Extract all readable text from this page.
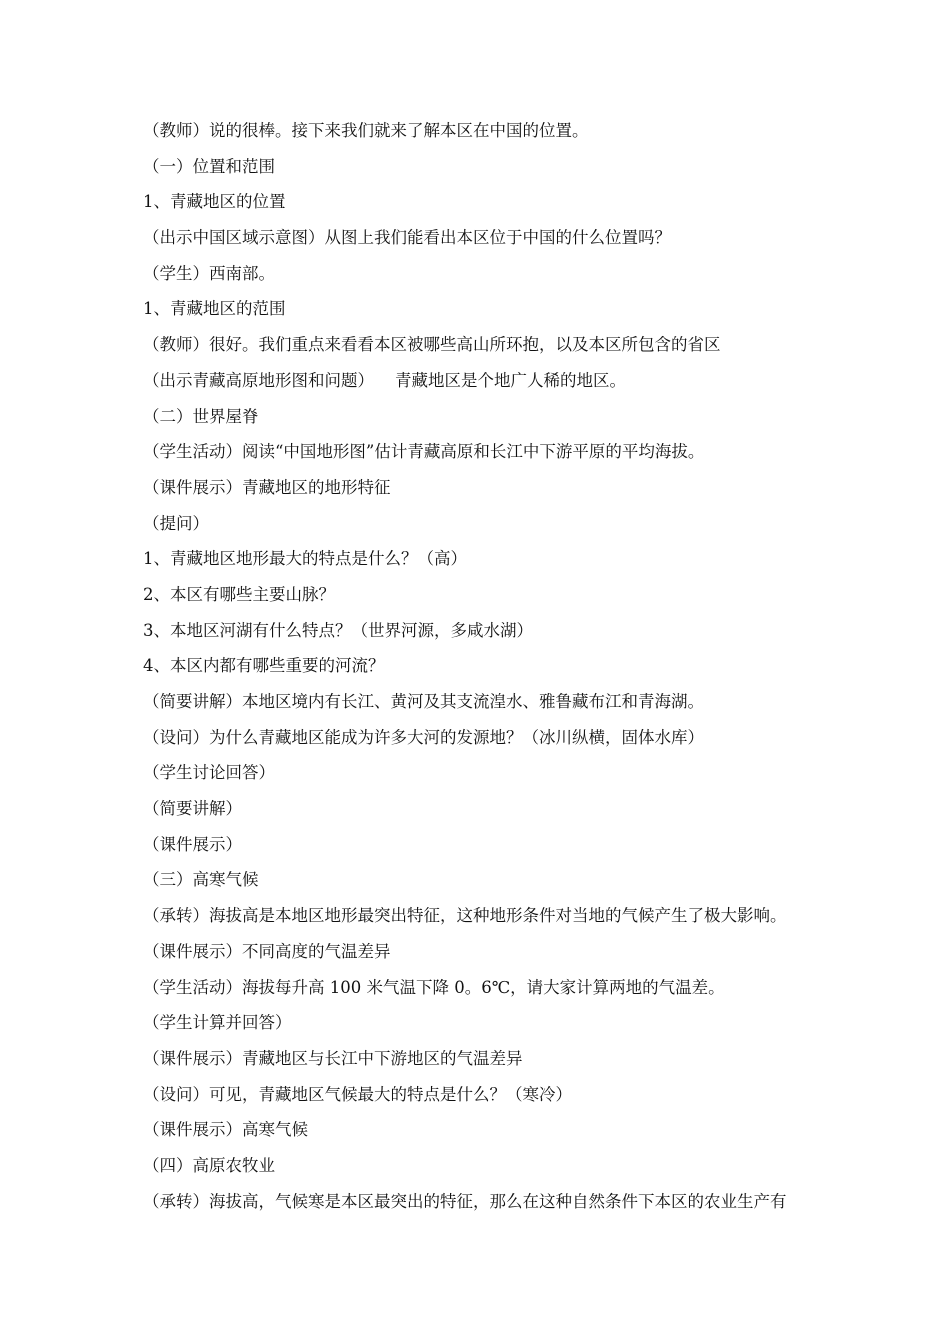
（教师）说的很棒。接下来我们就来了解本区在中国的位置。
（一）位置和范围
1、青藏地区的位置
（出示中国区域示意图）从图上我们能看出本区位于中国的什么位置吗？
（学生）西南部。
1、青藏地区的范围
（教师）很好。我们重点来看看本区被哪些高山所环抱，以及本区所包含的省区
（出示青藏高原地形图和问题）    青藏地区是个地广人稀的地区。
（二）世界屋脊
（学生活动）阅读“中国地形图”估计青藏高原和长江中下游平原的平均海拔。
（课件展示）青藏地区的地形特征
（提问）
1、青藏地区地形最大的特点是什么？（高）
2、本区有哪些主要山脉？
3、本地区河湖有什么特点？（世界河源，多咸水湖）
4、本区内都有哪些重要的河流？
（简要讲解）本地区境内有长江、黄河及其支流湟水、雅鲁藏布江和青海湖。
（设问）为什么青藏地区能成为许多大河的发源地？（冰川纵横，固体水库）
（学生讨论回答）
（简要讲解）
（课件展示）
（三）高寒气候
（承转）海拔高是本地区地形最突出特征，这种地形条件对当地的气候产生了极大影响。
（课件展示）不同高度的气温差异
（学生活动）海拔每升高 100 米气温下降 0。6℃，请大家计算两地的气温差。
（学生计算并回答）
（课件展示）青藏地区与长江中下游地区的气温差异
（设问）可见，青藏地区气候最大的特点是什么？（寒冷）
（课件展示）高寒气候
（四）高原农牧业
（承转）海拔高，气候寒是本区最突出的特征，那么在这种自然条件下本区的农业生产有
